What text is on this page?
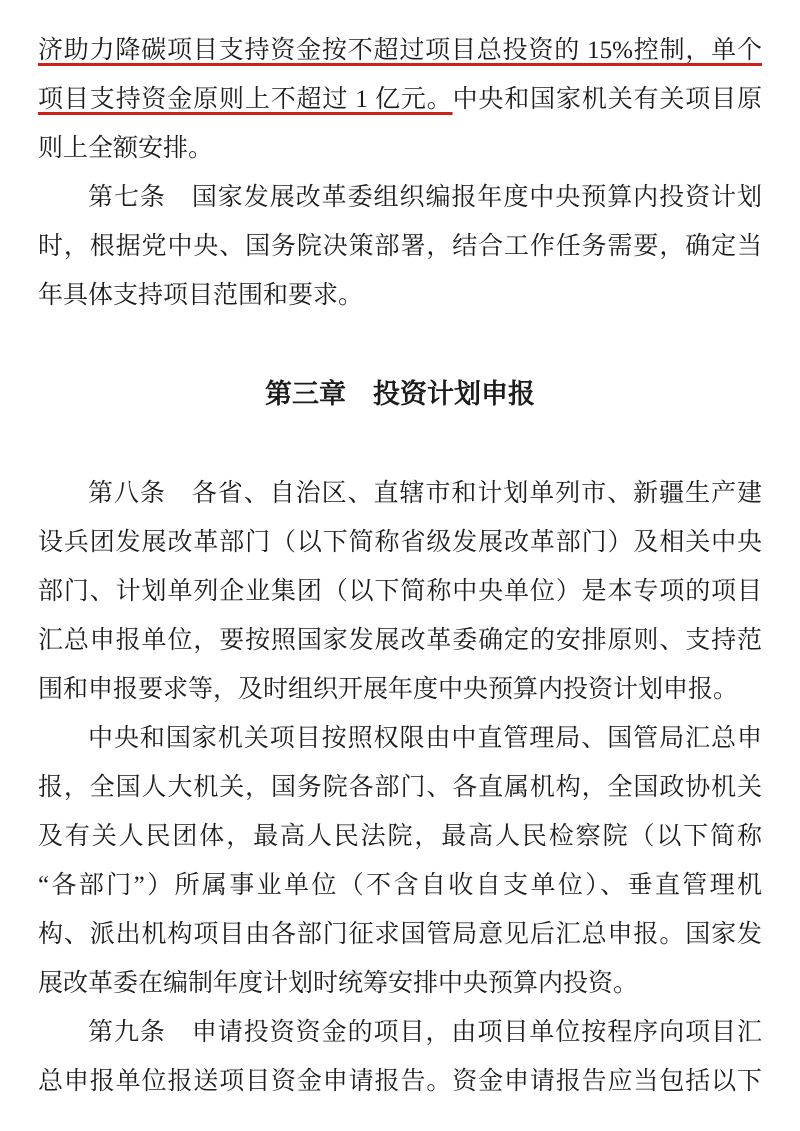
济助力降碳项目支持资金按不超过项目总投资的 15%控制，单个
项目支持资金原则上不超过 1 亿元。中央和国家机关有关项目原
则上全额安排。
第七条　国家发展改革委组织编报年度中央预算内投资计划
时，根据党中央、国务院决策部署，结合工作任务需要，确定当
年具体支持项目范围和要求。
第三章　投资计划申报
第八条　各省、自治区、直辖市和计划单列市、新疆生产建
设兵团发展改革部门（以下简称省级发展改革部门）及相关中央
部门、计划单列企业集团（以下简称中央单位）是本专项的项目
汇总申报单位，要按照国家发展改革委确定的安排原则、支持范
围和申报要求等，及时组织开展年度中央预算内投资计划申报。
中央和国家机关项目按照权限由中直管理局、国管局汇总申
报，全国人大机关，国务院各部门、各直属机构，全国政协机关
及有关人民团体，最高人民法院，最高人民检察院（以下简称
“各部门”）所属事业单位（不含自收自支单位）、垂直管理机
构、派出机构项目由各部门征求国管局意见后汇总申报。国家发
展改革委在编制年度计划时统筹安排中央预算内投资。
第九条　申请投资资金的项目，由项目单位按程序向项目汇
总申报单位报送项目资金申请报告。资金申请报告应当包括以下
